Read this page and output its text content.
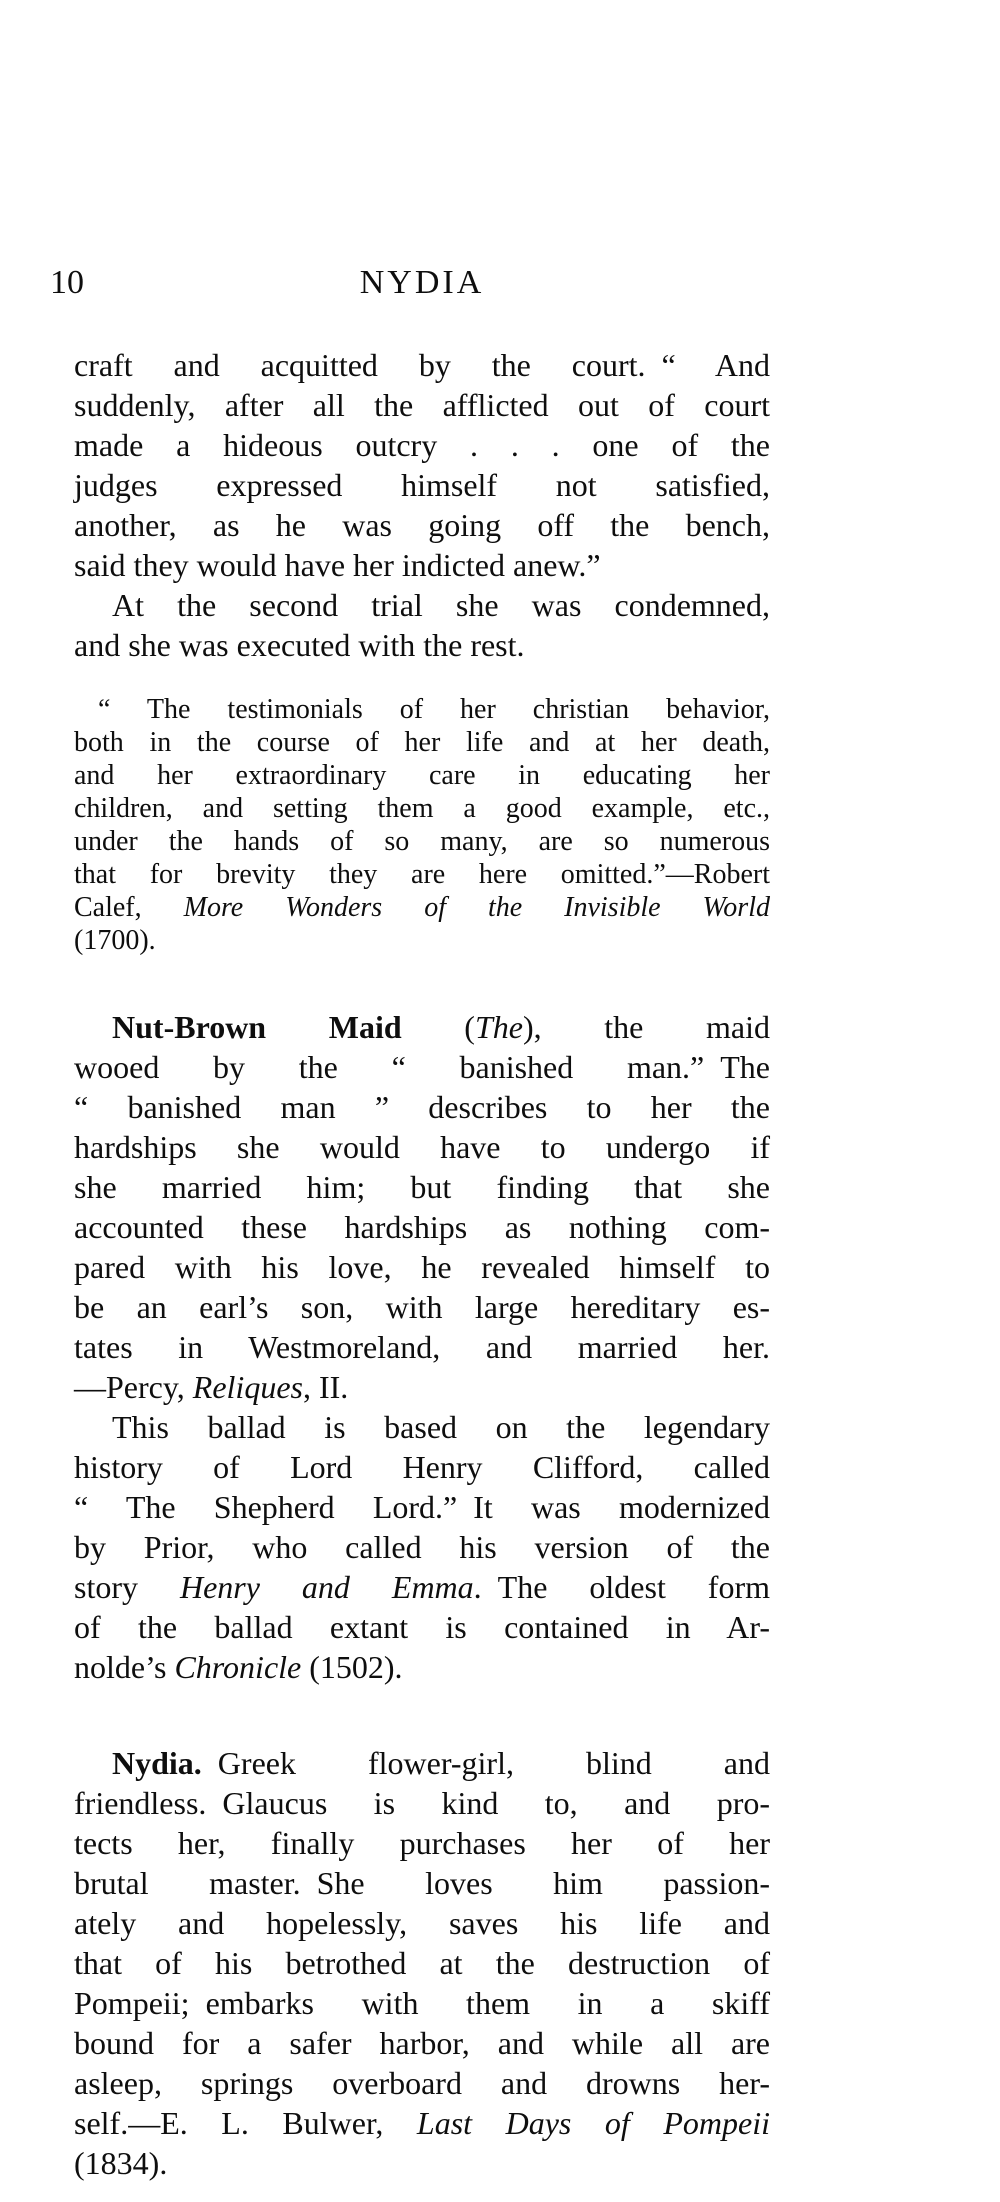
10	NYDIA
craft and acquitted by the court. “ And
suddenly, after all the afflicted out of court
made a hideous outcry . . . one of the
judges expressed himself not satisfied,
another, as he was going off the bench,
said they would have her indicted anew.”
At the second trial she was condemned,
and she was executed with the rest.
“ The testimonials of her christian behavior,
both in the course of her life and at her death,
and her extraordinary care in educating her
children, and setting them a good example, etc.,
under the hands of so many, are so numerous
that for brevity they are here omitted.”—Robert
Calef, More Wonders of the Invisible World
(1700).
Nut-Brown Maid (The), the maid
wooed by the “ banished man.” The
“ banished man ” describes to her the
hardships she would have to undergo if
she married him; but finding that she
accounted these hardships as nothing com-
pared with his love, he revealed himself to
be an earl’s son, with large hereditary es-
tates in Westmoreland, and married her.
—Percy, Reliques, II.
This ballad is based on the legendary
history of Lord Henry Clifford, called
“ The Shepherd Lord.” It was modernized
by Prior, who called his version of the
story Henry and Emma. The oldest form
of the ballad extant is contained in Ar-
nolde’s Chronicle (1502).
Nydia. Greek flower-girl, blind and
friendless. Glaucus is kind to, and pro-
tects her, finally purchases her of her
brutal master. She loves him passion-
ately and hopelessly, saves his life and
that of his betrothed at the destruction of
Pompeii; embarks with them in a skiff
bound for a safer harbor, and while all are
asleep, springs overboard and drowns her-
self.—E. L. Bulwer, Last Days of Pompeii
(1834).
